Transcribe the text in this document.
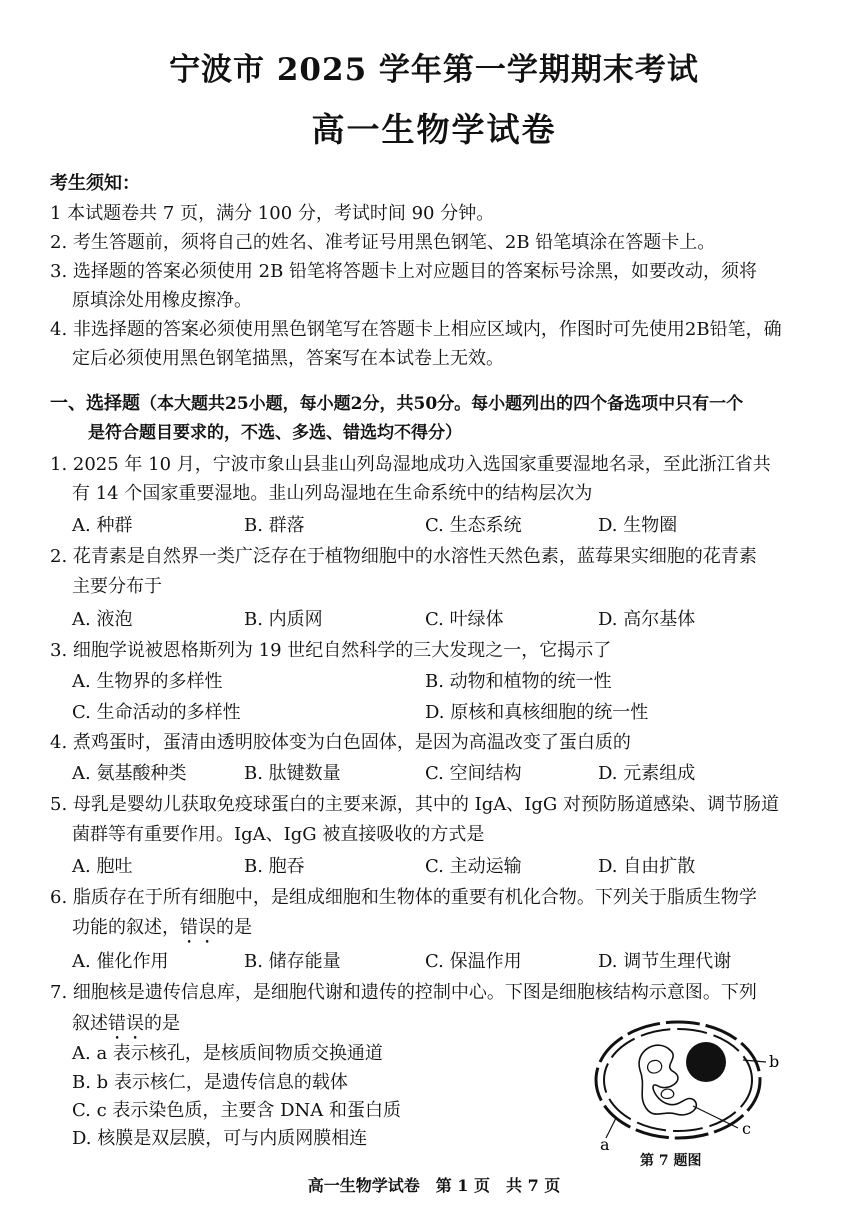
宁波市 2025 学年第一学期期末考试
高一生物学试卷
考生须知：
1 本试题卷共 7 页，满分 100 分，考试时间 90 分钟。
2. 考生答题前，须将自己的姓名、准考证号用黑色钢笔、2B 铅笔填涂在答题卡上。
3. 选择题的答案必须使用 2B 铅笔将答题卡上对应题目的答案标号涂黑，如要改动，须将
原填涂处用橡皮擦净。
4. 非选择题的答案必须使用黑色钢笔写在答题卡上相应区域内，作图时可先使用2B铅笔，确
定后必须使用黑色钢笔描黑，答案写在本试卷上无效。
一、选择题（本大题共25小题，每小题2分，共50分。每小题列出的四个备选项中只有一个
是符合题目要求的，不选、多选、错选均不得分）
1. 2025 年 10 月，宁波市象山县韭山列岛湿地成功入选国家重要湿地名录，至此浙江省共
有 14 个国家重要湿地。韭山列岛湿地在生命系统中的结构层次为
A. 种群	B. 群落	C. 生态系统	D. 生物圈
2. 花青素是自然界一类广泛存在于植物细胞中的水溶性天然色素，蓝莓果实细胞的花青素
主要分布于
A. 液泡	B. 内质网	C. 叶绿体	D. 高尔基体
3. 细胞学说被恩格斯列为 19 世纪自然科学的三大发现之一，它揭示了
A. 生物界的多样性	B. 动物和植物的统一性
C. 生命活动的多样性	D. 原核和真核细胞的统一性
4. 煮鸡蛋时，蛋清由透明胶体变为白色固体，是因为高温改变了蛋白质的
A. 氨基酸种类	B. 肽键数量	C. 空间结构	D. 元素组成
5. 母乳是婴幼儿获取免疫球蛋白的主要来源，其中的 IgA、IgG 对预防肠道感染、调节肠道
菌群等有重要作用。IgA、IgG 被直接吸收的方式是
A. 胞吐	B. 胞吞	C. 主动运输	D. 自由扩散
6. 脂质存在于所有细胞中，是组成细胞和生物体的重要有机化合物。下列关于脂质生物学
功能的叙述，错误的是
A. 催化作用	B. 储存能量	C. 保温作用	D. 调节生理代谢
7. 细胞核是遗传信息库，是细胞代谢和遗传的控制中心。下图是细胞核结构示意图。下列
叙述错误的是
A. a 表示核孔，是核质间物质交换通道
B. b 表示核仁，是遗传信息的载体
C. c 表示染色质，主要含 DNA 和蛋白质
D. 核膜是双层膜，可与内质网膜相连
b
c
a
第 7 题图
高一生物学试卷　第 1 页　共 7 页
